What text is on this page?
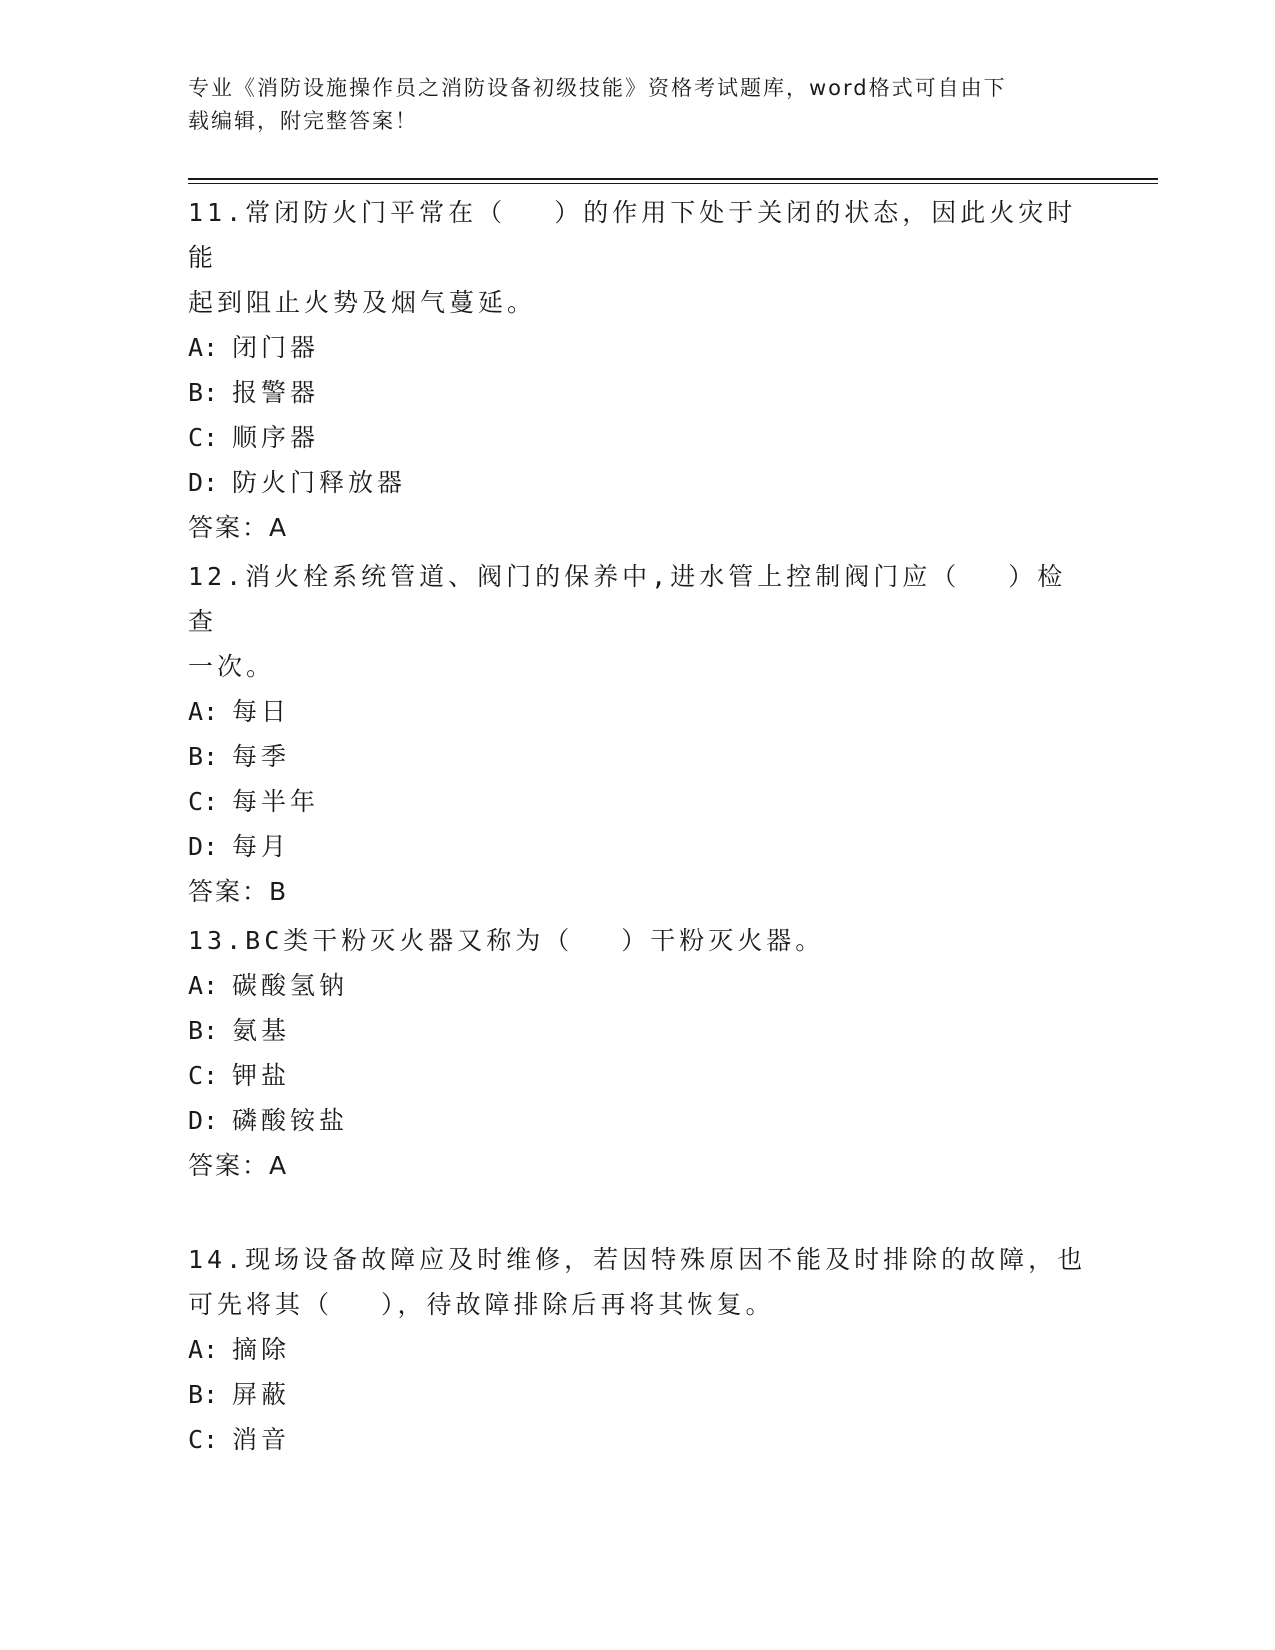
专业《消防设施操作员之消防设备初级技能》资格考试题库，word格式可自由下
载编辑，附完整答案！

11.常闭防火门平常在（　 ）的作用下处于关闭的状态，因此火灾时能

起到阻止火势及烟气蔓延。

A: 闭门器

B: 报警器

C: 顺序器

D: 防火门释放器

答案：A

12.消火栓系统管道、阀门的保养中,进水管上控制阀门应（　 ）检查

一次。

A: 每日

B: 每季

C: 每半年

D: 每月

答案：B

13.BC类干粉灭火器又称为（　 ）干粉灭火器。

A: 碳酸氢钠

B: 氨基

C: 钾盐

D: 磷酸铵盐

答案：A

14.现场设备故障应及时维修，若因特殊原因不能及时排除的故障，也

可先将其（　 ），待故障排除后再将其恢复。

A: 摘除

B: 屏蔽

C: 消音
